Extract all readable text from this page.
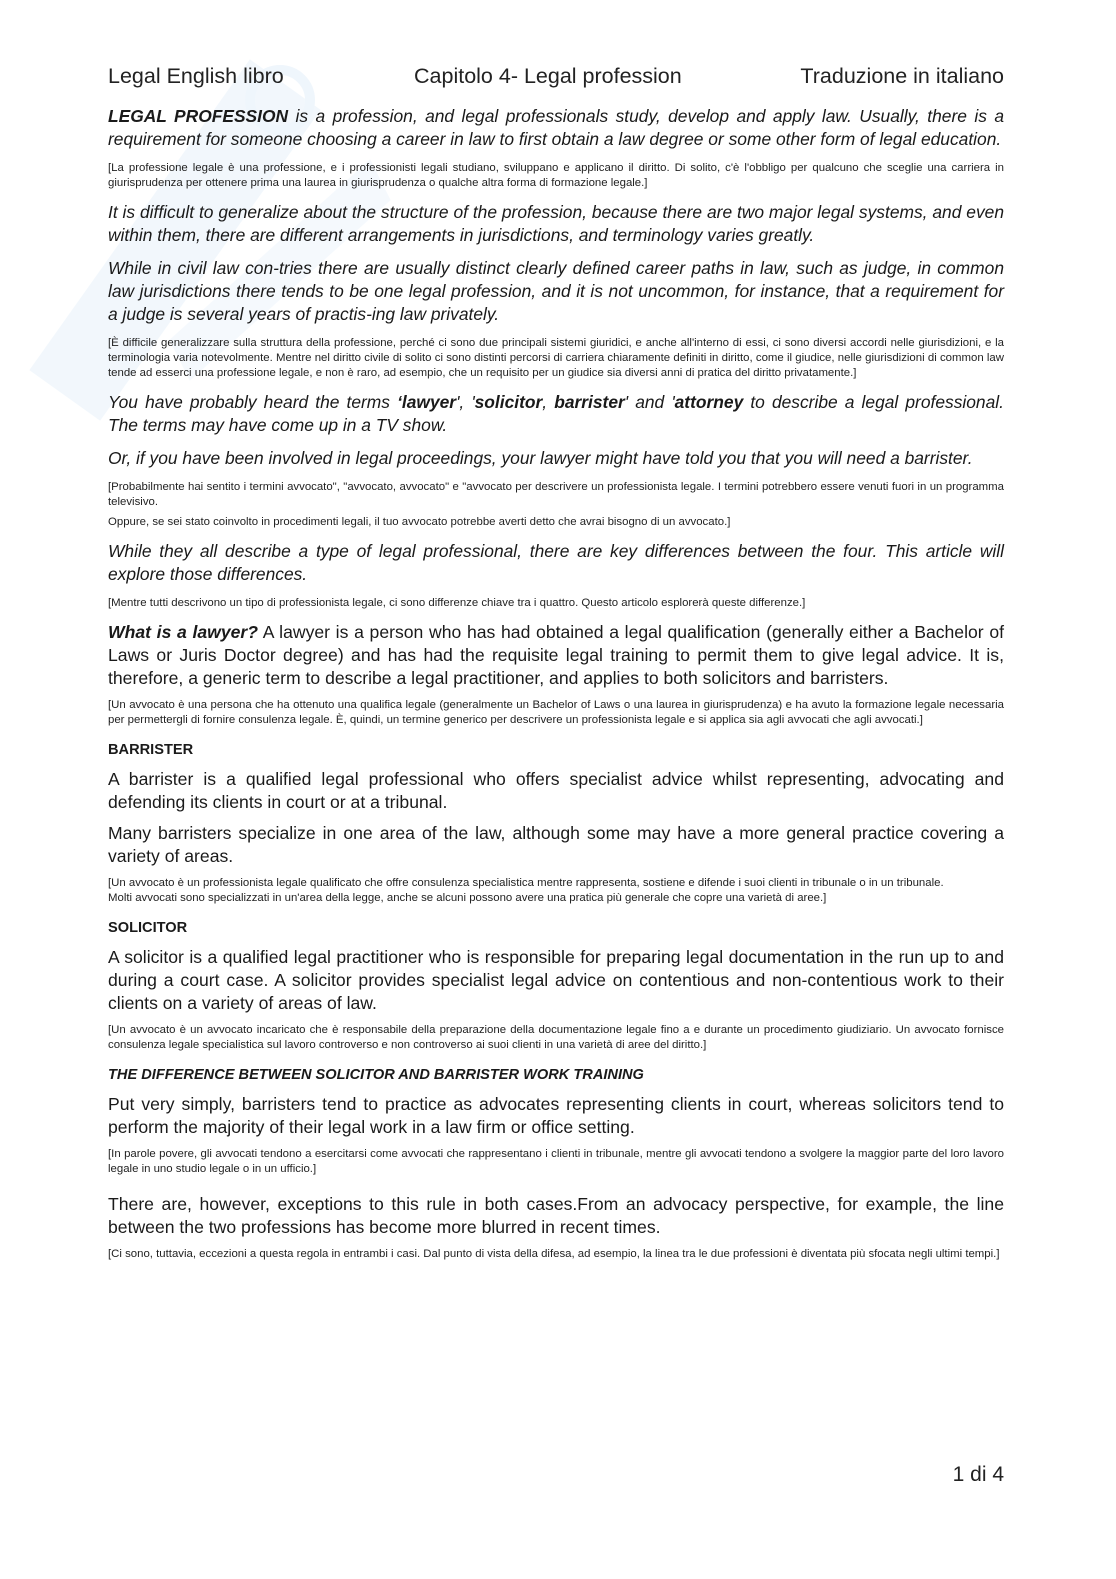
Legal English libro	Capitolo 4- Legal profession	Traduzione in italiano

LEGAL PROFESSION is a profession, and legal professionals study, develop and apply law. Usually, there is a requirement for someone choosing a career in law to first obtain a law degree or some other form of legal education.

[La professione legale è una professione, e i professionisti legali studiano, sviluppano e applicano il diritto. Di solito, c'è l'obbligo per qualcuno che sceglie una carriera in giurisprudenza per ottenere prima una laurea in giurisprudenza o qualche altra forma di formazione legale.]

It is difficult to generalize about the structure of the profession, because there are two major legal systems, and even within them, there are different arrangements in jurisdictions, and terminology varies greatly.

While in civil law con-tries there are usually distinct clearly defined career paths in law, such as judge, in common law jurisdictions there tends to be one legal profession, and it is not uncommon, for instance, that a requirement for a judge is several years of practis-ing law privately.

[È difficile generalizzare sulla struttura della professione, perché ci sono due principali sistemi giuridici, e anche all'interno di essi, ci sono diversi accordi nelle giurisdizioni, e la terminologia varia notevolmente. Mentre nel diritto civile di solito ci sono distinti percorsi di carriera chiaramente definiti in diritto, come il giudice, nelle giurisdizioni di common law tende ad esserci una professione legale, e non è raro, ad esempio, che un requisito per un giudice sia diversi anni di pratica del diritto privatamente.]

You have probably heard the terms ‘lawyer', 'solicitor, barrister' and 'attorney to describe a legal professional. The terms may have come up in a TV show.

Or, if you have been involved in legal proceedings, your lawyer might have told you that you will need a barrister.

[Probabilmente hai sentito i termini avvocato", "avvocato, avvocato" e "avvocato per descrivere un professionista legale. I termini potrebbero essere venuti fuori in un programma televisivo.

Oppure, se sei stato coinvolto in procedimenti legali, il tuo avvocato potrebbe averti detto che avrai bisogno di un avvocato.]

While they all describe a type of legal professional, there are key differences between the four. This article will explore those differences.

[Mentre tutti descrivono un tipo di professionista legale, ci sono differenze chiave tra i quattro. Questo articolo esplorerà queste differenze.]

What is a lawyer? A lawyer is a person who has had obtained a legal qualification (generally either a Bachelor of Laws or Juris Doctor degree) and has had the requisite legal training to permit them to give legal advice. It is, therefore, a generic term to describe a legal practitioner, and applies to both solicitors and barristers.

[Un avvocato è una persona che ha ottenuto una qualifica legale (generalmente un Bachelor of Laws o una laurea in giurisprudenza) e ha avuto la formazione legale necessaria per permettergli di fornire consulenza legale. È, quindi, un termine generico per descrivere un professionista legale e si applica sia agli avvocati che agli avvocati.]

BARRISTER

A barrister is a qualified legal professional who offers specialist advice whilst representing, advocating and defending its clients in court or at a tribunal.

Many barristers specialize in one area of the law, although some may have a more general practice covering a variety of areas.

[Un avvocato è un professionista legale qualificato che offre consulenza specialistica mentre rappresenta, sostiene e difende i suoi clienti in tribunale o in un tribunale.

Molti avvocati sono specializzati in un'area della legge, anche se alcuni possono avere una pratica più generale che copre una varietà di aree.]

SOLICITOR

A solicitor is a qualified legal practitioner who is responsible for preparing legal documentation in the run up to and during a court case. A solicitor provides specialist legal advice on contentious and non-contentious work to their clients on a variety of areas of law.

[Un avvocato è un avvocato incaricato che è responsabile della preparazione della documentazione legale fino a e durante un procedimento giudiziario. Un avvocato fornisce consulenza legale specialistica sul lavoro controverso e non controverso ai suoi clienti in una varietà di aree del diritto.]

THE DIFFERENCE BETWEEN SOLICITOR AND BARRISTER WORK TRAINING

Put very simply, barristers tend to practice as advocates representing clients in court, whereas solicitors tend to perform the majority of their legal work in a law firm or office setting.

[In parole povere, gli avvocati tendono a esercitarsi come avvocati che rappresentano i clienti in tribunale, mentre gli avvocati tendono a svolgere la maggior parte del loro lavoro legale in uno studio legale o in un ufficio.]

There are, however, exceptions to this rule in both cases.From an advocacy perspective, for example, the line between the two professions has become more blurred in recent times.

[Ci sono, tuttavia, eccezioni a questa regola in entrambi i casi. Dal punto di vista della difesa, ad esempio, la linea tra le due professioni è diventata più sfocata negli ultimi tempi.]

1 di 4
